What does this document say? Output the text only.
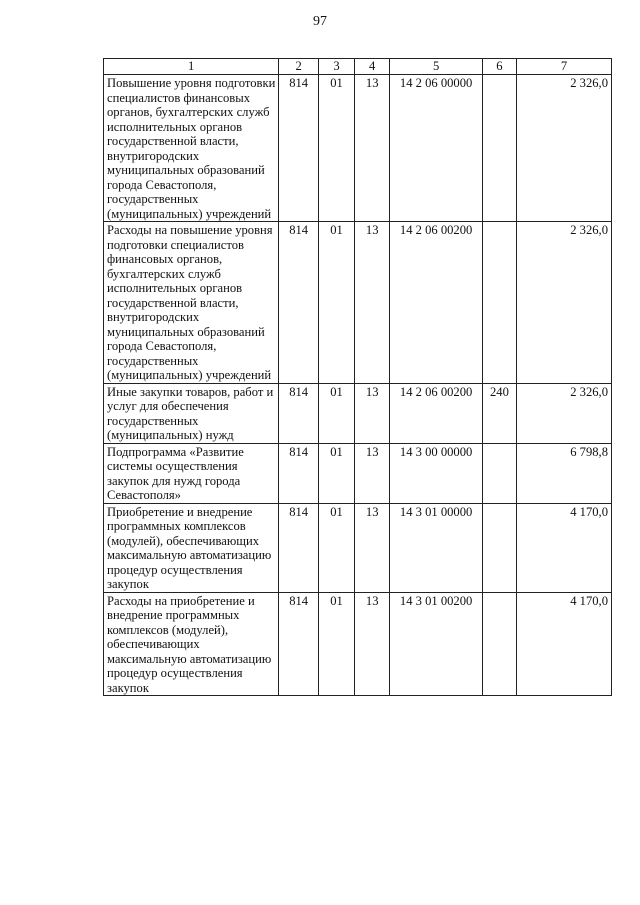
97
1	2	3	4	5	6	7
Повышение уровня подготовки специалистов финансовых органов, бухгалтерских служб исполнительных органов государственной власти, внутригородских муниципальных образований города Севастополя, государственных (муниципальных) учреждений	814	01	13	14 2 06 00000		2 326,0
Расходы на повышение уровня подготовки специалистов финансовых органов, бухгалтерских служб исполнительных органов государственной власти, внутригородских муниципальных образований города Севастополя, государственных (муниципальных) учреждений	814	01	13	14 2 06 00200		2 326,0
Иные закупки товаров, работ и услуг для обеспечения государственных (муниципальных) нужд	814	01	13	14 2 06 00200	240	2 326,0
Подпрограмма «Развитие системы осуществления закупок для нужд города Севастополя»	814	01	13	14 3 00 00000		6 798,8
Приобретение и внедрение программных комплексов (модулей), обеспечивающих максимальную автоматизацию процедур осуществления закупок	814	01	13	14 3 01 00000		4 170,0
Расходы на приобретение и внедрение программных комплексов (модулей), обеспечивающих максимальную автоматизацию процедур осуществления закупок	814	01	13	14 3 01 00200		4 170,0
